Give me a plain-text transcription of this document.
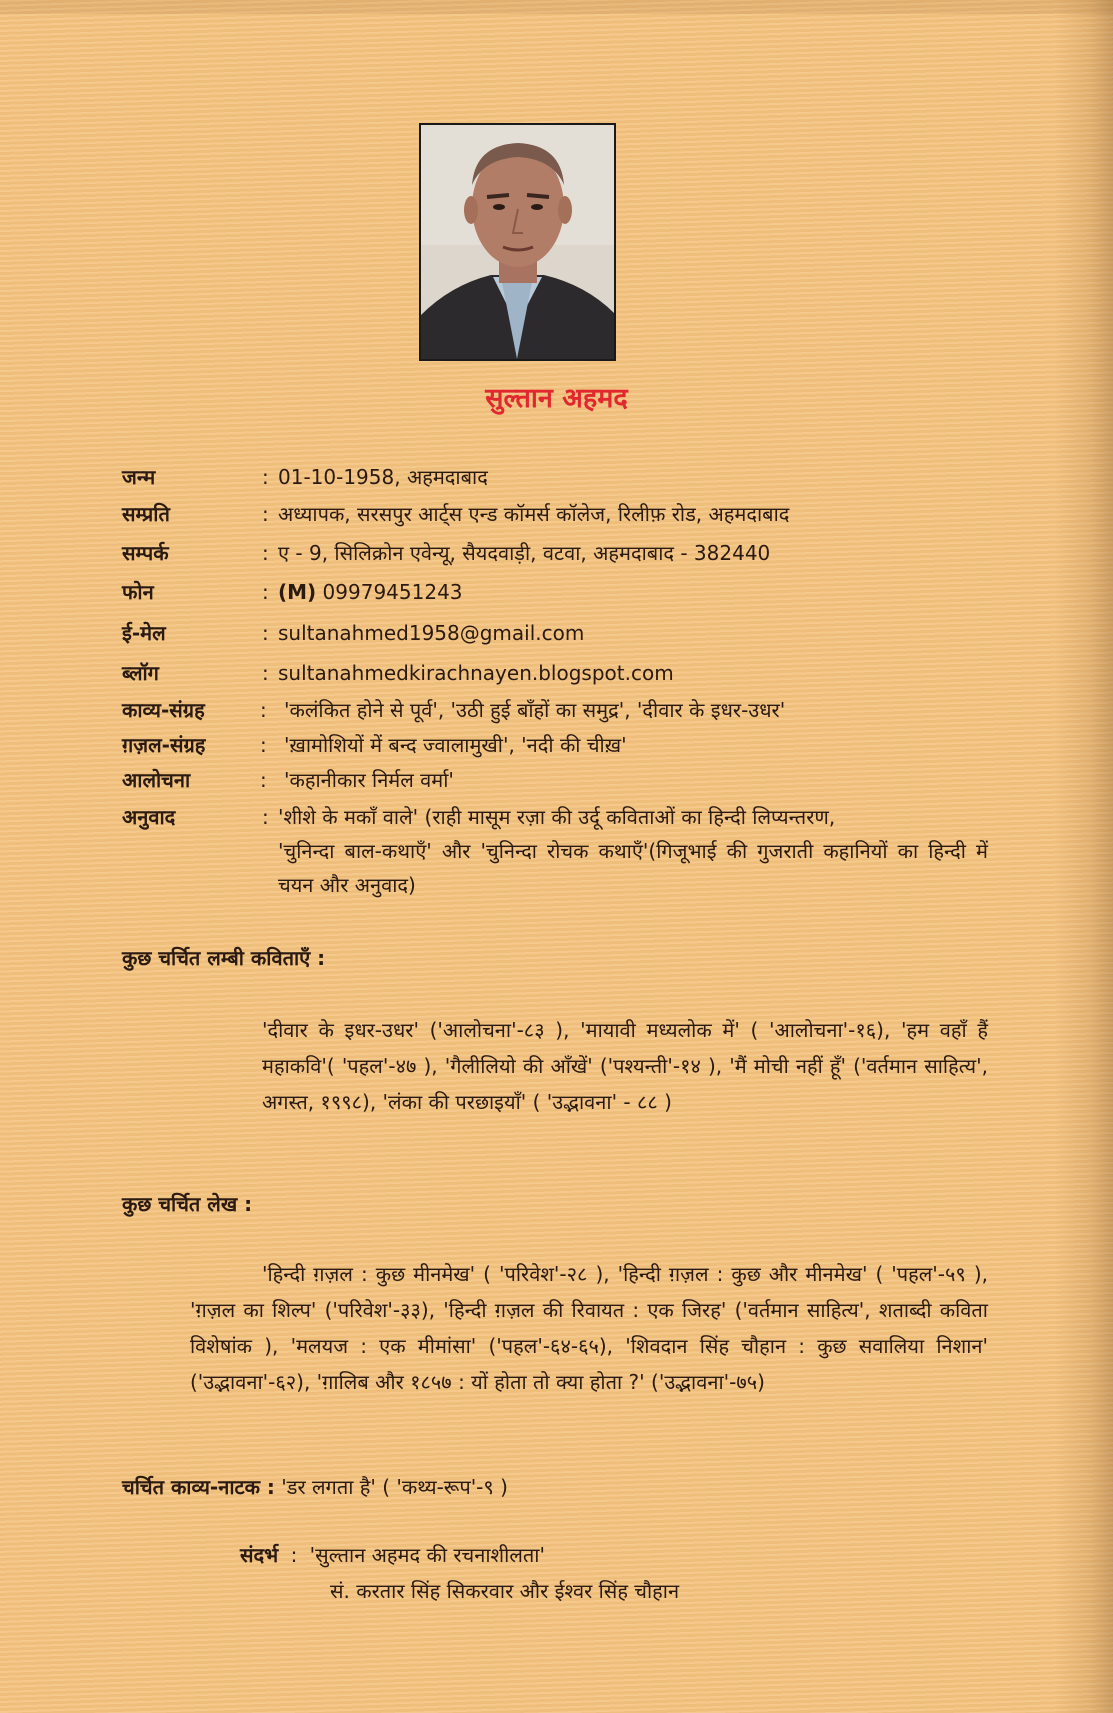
सुल्तान अहमद
जन्म	: 01-10-1958, अहमदाबाद
सम्प्रति	: अध्यापक, सरसपुर आर्ट्स एन्ड कॉमर्स कॉलेज, रिलीफ़ रोड, अहमदाबाद
सम्पर्क	: ए - 9, सिलिक्रोन एवेन्यू, सैयदवाड़ी, वटवा, अहमदाबाद - 382440
फोन	: (M) 09979451243
ई-मेल	: sultanahmed1958@gmail.com
ब्लॉग	: sultanahmedkirachnayen.blogspot.com
काव्य-संग्रह	: 'कलंकित होने से पूर्व', 'उठी हुई बाँहों का समुद्र', 'दीवार के इधर-उधर'
ग़ज़ल-संग्रह	: 'ख़ामोशियों में बन्द ज्वालामुखी', 'नदी की चीख़'
आलोचना	: 'कहानीकार निर्मल वर्मा'
अनुवाद	: 'शीशे के मकाँ वाले' (राही मासूम रज़ा की उर्दू कविताओं का हिन्दी लिप्यन्तरण,
'चुनिन्दा बाल-कथाएँ' और 'चुनिन्दा रोचक कथाएँ'(गिजूभाई की गुजराती कहानियों का हिन्दी में चयन और अनुवाद)
कुछ चर्चित लम्बी कविताएँ :
'दीवार के इधर-उधर' ('आलोचना'-८३ ), 'मायावी मध्यलोक में' ( 'आलोचना'-१६), 'हम वहाँ हैं महाकवि'( 'पहल'-४७ ), 'गैलीलियो की आँखें' ('पश्यन्ती'-१४ ), 'मैं मोची नहीं हूँ' ('वर्तमान साहित्य', अगस्त, १९९८), 'लंका की परछाइयाँ' ( 'उद्भावना' - ८८ )
कुछ चर्चित लेख :
'हिन्दी ग़ज़ल : कुछ मीनमेख' ( 'परिवेश'-२८ ), 'हिन्दी ग़ज़ल : कुछ और मीनमेख' ( 'पहल'-५९ ), 'ग़ज़ल का शिल्प' ('परिवेश'-३३), 'हिन्दी ग़ज़ल की रिवायत : एक जिरह' ('वर्तमान साहित्य', शताब्दी कविता विशेषांक ), 'मलयज : एक मीमांसा' ('पहल'-६४-६५), 'शिवदान सिंह चौहान : कुछ सवालिया निशान' ('उद्भावना'-६२), 'ग़ालिब और १८५७ : यों होता तो क्या होता ?' ('उद्भावना'-७५)
चर्चित काव्य-नाटक : 'डर लगता है' ( 'कथ्य-रूप'-९ )
संदर्भ : 'सुल्तान अहमद की रचनाशीलता'
सं. करतार सिंह सिकरवार और ईश्वर सिंह चौहान
